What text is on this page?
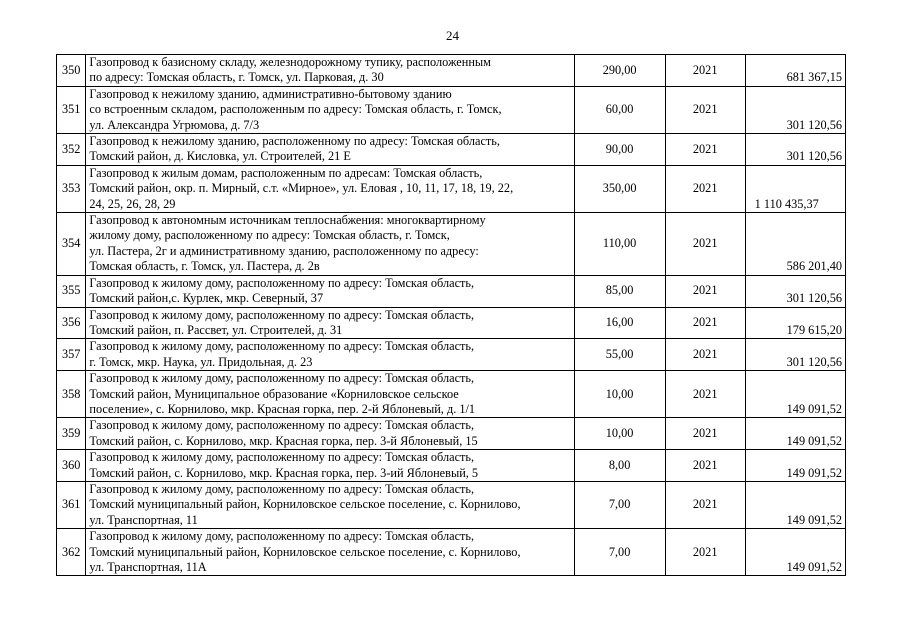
24
350	Газопровод к базисному складу, железнодорожному тупику, расположенным
по адресу: Томская область, г. Томск, ул. Парковая, д. 30	290,00	2021	681 367,15
351	Газопровод к нежилому зданию, административно-бытовому зданию
со встроенным складом, расположенным по адресу: Томская область, г. Томск,
ул. Александра Угрюмова, д. 7/3	60,00	2021	301 120,56
352	Газопровод к нежилому зданию, расположенному по адресу: Томская область,
Томский район, д. Кисловка, ул. Строителей, 21 Е	90,00	2021	301 120,56
353	Газопровод к жилым домам, расположенным по адресам: Томская область,
Томский район, окр. п. Мирный, с.т. «Мирное», ул. Еловая , 10, 11, 17, 18, 19, 22,
24, 25, 26, 28, 29	350,00	2021	1 110 435,37
354	Газопровод к автономным источникам теплоснабжения: многоквартирному
жилому дому, расположенному по адресу: Томская область, г. Томск,
ул. Пастера, 2г и административному зданию, расположенному по адресу:
Томская область, г. Томск, ул. Пастера, д. 2в	110,00	2021	586 201,40
355	Газопровод к жилому дому, расположенному по адресу: Томская область,
Томский район,с. Курлек, мкр. Северный, 37	85,00	2021	301 120,56
356	Газопровод к жилому дому, расположенному по адресу: Томская область,
Томский район, п. Рассвет, ул. Строителей, д. 31	16,00	2021	179 615,20
357	Газопровод к жилому дому, расположенному по адресу: Томская область,
г. Томск, мкр. Наука, ул. Придольная, д. 23	55,00	2021	301 120,56
358	Газопровод к жилому дому, расположенному по адресу: Томская область,
Томский район, Муниципальное образование «Корниловское сельское
поселение», с. Корнилово, мкр. Красная горка, пер. 2-й Яблоневый, д. 1/1	10,00	2021	149 091,52
359	Газопровод к жилому дому, расположенному по адресу: Томская область,
Томский район, с. Корнилово, мкр. Красная горка, пер. 3-й Яблоневый, 15	10,00	2021	149 091,52
360	Газопровод к жилому дому, расположенному по адресу: Томская область,
Томский район, с. Корнилово, мкр. Красная горка, пер. 3-ий Яблоневый, 5	8,00	2021	149 091,52
361	Газопровод к жилому дому, расположенному по адресу: Томская область,
Томский муниципальный район, Корниловское сельское поселение, с. Корнилово,
ул. Транспортная, 11	7,00	2021	149 091,52
362	Газопровод к жилому дому, расположенному по адресу: Томская область,
Томский муниципальный район, Корниловское сельское поселение, с. Корнилово,
ул. Транспортная, 11А	7,00	2021	149 091,52
